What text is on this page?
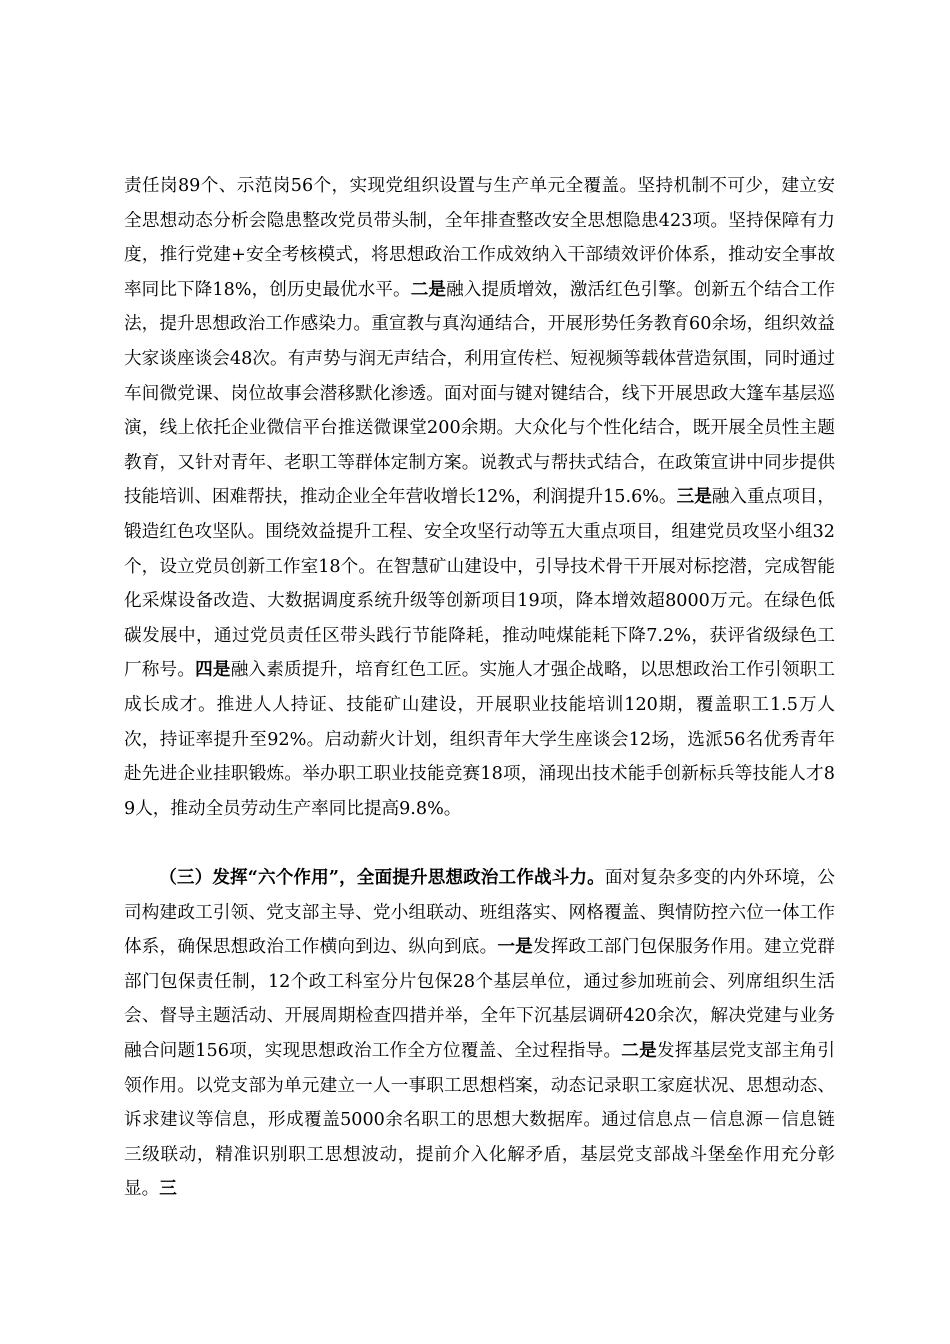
责任岗89个、示范岗56个，实现党组织设置与生产单元全覆盖。坚持机制不可少，建立安全思想动态分析会隐患整改党员带头制，全年排查整改安全思想隐患423项。坚持保障有力度，推行党建+安全考核模式，将思想政治工作成效纳入干部绩效评价体系，推动安全事故率同比下降18%，创历史最优水平。二是融入提质增效，激活红色引擎。创新五个结合工作法，提升思想政治工作感染力。重宣教与真沟通结合，开展形势任务教育60余场，组织效益大家谈座谈会48次。有声势与润无声结合，利用宣传栏、短视频等载体营造氛围，同时通过车间微党课、岗位故事会潜移默化渗透。面对面与键对键结合，线下开展思政大篷车基层巡演，线上依托企业微信平台推送微课堂200余期。大众化与个性化结合，既开展全员性主题教育，又针对青年、老职工等群体定制方案。说教式与帮扶式结合，在政策宣讲中同步提供技能培训、困难帮扶，推动企业全年营收增长12%，利润提升15.6%。三是融入重点项目，锻造红色攻坚队。围绕效益提升工程、安全攻坚行动等五大重点项目，组建党员攻坚小组32个，设立党员创新工作室18个。在智慧矿山建设中，引导技术骨干开展对标挖潜，完成智能化采煤设备改造、大数据调度系统升级等创新项目19项，降本增效超8000万元。在绿色低碳发展中，通过党员责任区带头践行节能降耗，推动吨煤能耗下降7.2%，获评省级绿色工厂称号。四是融入素质提升，培育红色工匠。实施人才强企战略，以思想政治工作引领职工成长成才。推进人人持证、技能矿山建设，开展职业技能培训120期，覆盖职工1.5万人次，持证率提升至92%。启动薪火计划，组织青年大学生座谈会12场，选派56名优秀青年赴先进企业挂职锻炼。举办职工职业技能竞赛18项，涌现出技术能手创新标兵等技能人才89人，推动全员劳动生产率同比提高9.8%。

（三）发挥“六个作用”，全面提升思想政治工作战斗力。面对复杂多变的内外环境，公司构建政工引领、党支部主导、党小组联动、班组落实、网格覆盖、舆情防控六位一体工作体系，确保思想政治工作横向到边、纵向到底。一是发挥政工部门包保服务作用。建立党群部门包保责任制，12个政工科室分片包保28个基层单位，通过参加班前会、列席组织生活会、督导主题活动、开展周期检查四措并举，全年下沉基层调研420余次，解决党建与业务融合问题156项，实现思想政治工作全方位覆盖、全过程指导。二是发挥基层党支部主角引领作用。以党支部为单元建立一人一事职工思想档案，动态记录职工家庭状况、思想动态、诉求建议等信息，形成覆盖5000余名职工的思想大数据库。通过信息点－信息源－信息链三级联动，精准识别职工思想波动，提前介入化解矛盾，基层党支部战斗堡垒作用充分彰显。三
